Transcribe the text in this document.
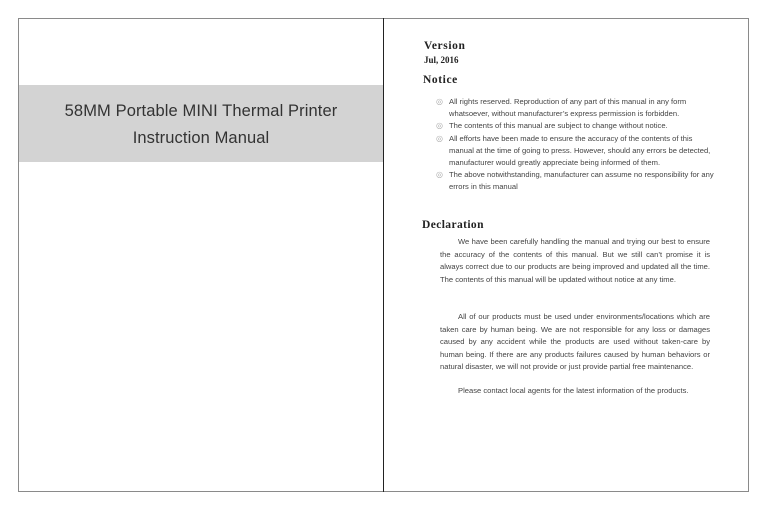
58MM Portable MINI Thermal Printer
Instruction Manual
Version
Jul, 2016
Notice
◎ All rights reserved. Reproduction of any part of this manual in any form whatsoever, without manufacturer’s express permission is forbidden.
◎ The contents of this manual are subject to change without notice.
◎ All efforts have been made to ensure the accuracy of the contents of this manual at the time of going to press. However, should any errors be detected, manufacturer would greatly appreciate being informed of them.
◎ The above notwithstanding, manufacturer can assume no responsibility for any errors in this manual
Declaration
We have been carefully handling the manual and trying our best to ensure the accuracy of the contents of this manual. But we still can’t promise it is always correct due to our products are being improved and updated all the time. The contents of this manual will be updated without notice at any time.
All of our products must be used under environments/locations which are taken care by human being. We are not responsible for any loss or damages caused by any accident while the products are used without taken-care by human being. If there are any products failures caused by human behaviors or natural disaster, we will not provide or just provide partial free maintenance.
Please contact local agents for the latest information of the products.
